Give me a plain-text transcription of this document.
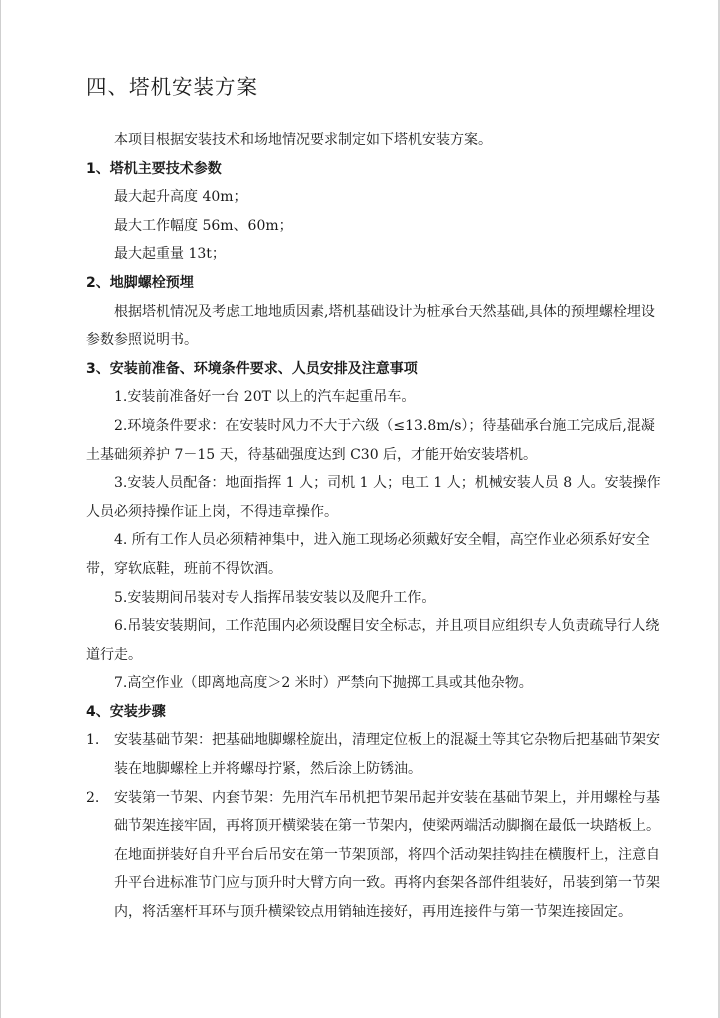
四、塔机安装方案

本项目根据安装技术和场地情况要求制定如下塔机安装方案。

1、塔机主要技术参数

最大起升高度 40m；

最大工作幅度 56m、60m；

最大起重量 13t；

2、地脚螺栓预埋

根据塔机情况及考虑工地地质因素,塔机基础设计为桩承台天然基础,具体的预埋螺栓埋设参数参照说明书。

3、安装前准备、环境条件要求、人员安排及注意事项

1.安装前准备好一台 20T 以上的汽车起重吊车。

2.环境条件要求：在安装时风力不大于六级（≤13.8m/s）；待基础承台施工完成后,混凝土基础须养护 7－15 天，待基础强度达到 C30 后，才能开始安装塔机。

3.安装人员配备：地面指挥 1 人；司机 1 人；电工 1 人；机械安装人员 8 人。安装操作人员必须持操作证上岗，不得违章操作。

4. 所有工作人员必须精神集中，进入施工现场必须戴好安全帽，高空作业必须系好安全带，穿软底鞋，班前不得饮酒。

5.安装期间吊装对专人指挥吊装安装以及爬升工作。

6.吊装安装期间，工作范围内必须设醒目安全标志，并且项目应组织专人负责疏导行人绕道行走。

7.高空作业（即离地高度＞2 米时）严禁向下抛掷工具或其他杂物。

4、安装步骤
1.	安装基础节架：把基础地脚螺栓旋出，清理定位板上的混凝土等其它杂物后把基础节架安装在地脚螺栓上并将螺母拧紧，然后涂上防锈油。
2.	安装第一节架、内套节架：先用汽车吊机把节架吊起并安装在基础节架上，并用螺栓与基础节架连接牢固，再将顶开横梁装在第一节架内，使梁两端活动脚搁在最低一块踏板上。在地面拼装好自升平台后吊安在第一节架顶部，将四个活动架挂钩挂在横腹杆上，注意自升平台进标准节门应与顶升时大臂方向一致。再将内套架各部件组装好，吊装到第一节架内，将活塞杆耳环与顶升横梁铰点用销轴连接好，再用连接件与第一节架连接固定。
